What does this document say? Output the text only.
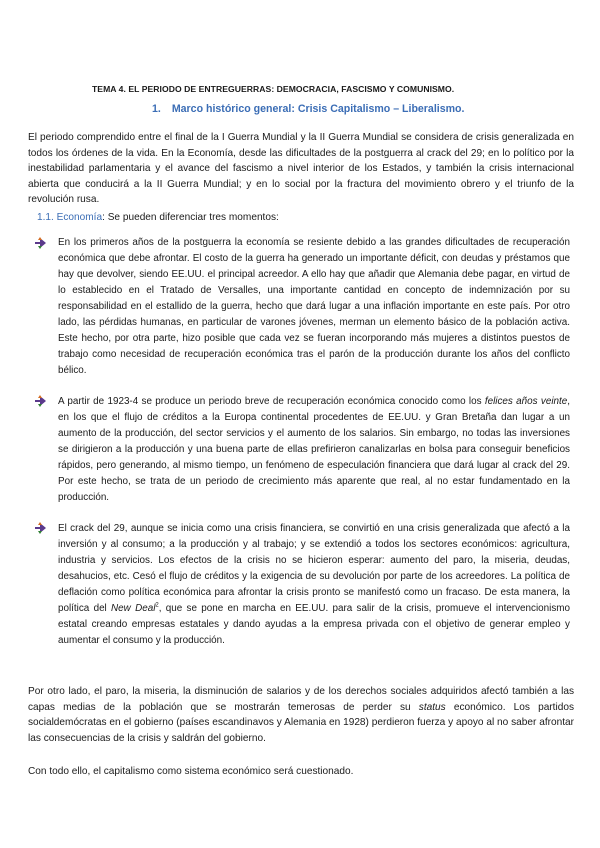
TEMA 4. EL PERIODO DE ENTREGUERRAS: DEMOCRACIA, FASCISMO Y COMUNISMO.
1. Marco histórico general: Crisis Capitalismo – Liberalismo.
El periodo comprendido entre el final de la I Guerra Mundial y la II Guerra Mundial se considera de crisis generalizada en todos los órdenes de la vida. En la Economía, desde las dificultades de la postguerra al crack del 29; en lo político por la inestabilidad parlamentaria y el avance del fascismo a nivel interior de los Estados, y también la crisis internacional abierta que conducirá a la II Guerra Mundial; y en lo social por la fractura del movimiento obrero y el triunfo de la revolución rusa.
1.1. Economía: Se pueden diferenciar tres momentos:
En los primeros años de la postguerra la economía se resiente debido a las grandes dificultades de recuperación económica que debe afrontar. El costo de la guerra ha generado un importante déficit, con deudas y préstamos que hay que devolver, siendo EE.UU. el principal acreedor. A ello hay que añadir que Alemania debe pagar, en virtud de lo establecido en el Tratado de Versalles, una importante cantidad en concepto de indemnización por su responsabilidad en el estallido de la guerra, hecho que dará lugar a una inflación importante en este país. Por otro lado, las pérdidas humanas, en particular de varones jóvenes, merman un elemento básico de la población activa. Este hecho, por otra parte, hizo posible que cada vez se fueran incorporando más mujeres a distintos puestos de trabajo como necesidad de recuperación económica tras el parón de la producción durante los años del conflicto bélico.
A partir de 1923-4 se produce un periodo breve de recuperación económica conocido como los felices años veinte, en los que el flujo de créditos a la Europa continental procedentes de EE.UU. y Gran Bretaña dan lugar a un aumento de la producción, del sector servicios y el aumento de los salarios. Sin embargo, no todas las inversiones se dirigieron a la producción y una buena parte de ellas prefirieron canalizarlas en bolsa para conseguir beneficios rápidos, pero generando, al mismo tiempo, un fenómeno de especulación financiera que dará lugar al crack del 29. Por este hecho, se trata de un periodo de crecimiento más aparente que real, al no estar fundamentado en la producción.
El crack del 29, aunque se inicia como una crisis financiera, se convirtió en una crisis generalizada que afectó a la inversión y al consumo; a la producción y al trabajo; y se extendió a todos los sectores económicos: agricultura, industria y servicios. Los efectos de la crisis no se hicieron esperar: aumento del paro, la miseria, deudas, desahucios, etc. Cesó el flujo de créditos y la exigencia de su devolución por parte de los acreedores. La política de deflación como política económica para afrontar la crisis pronto se manifestó como un fracaso. De esta manera, la política del New Deal$^2$, que se pone en marcha en EE.UU. para salir de la crisis, promueve el intervencionismo estatal creando empresas estatales y dando ayudas a la empresa privada con el objetivo de generar empleo y aumentar el consumo y la producción.
Por otro lado, el paro, la miseria, la disminución de salarios y de los derechos sociales adquiridos afectó también a las capas medias de la población que se mostrarán temerosas de perder su status económico. Los partidos socialdemócratas en el gobierno (países escandinavos y Alemania en 1928) perdieron fuerza y apoyo al no saber afrontar las consecuencias de la crisis y saldrán del gobierno.
Con todo ello, el capitalismo como sistema económico será cuestionado.
